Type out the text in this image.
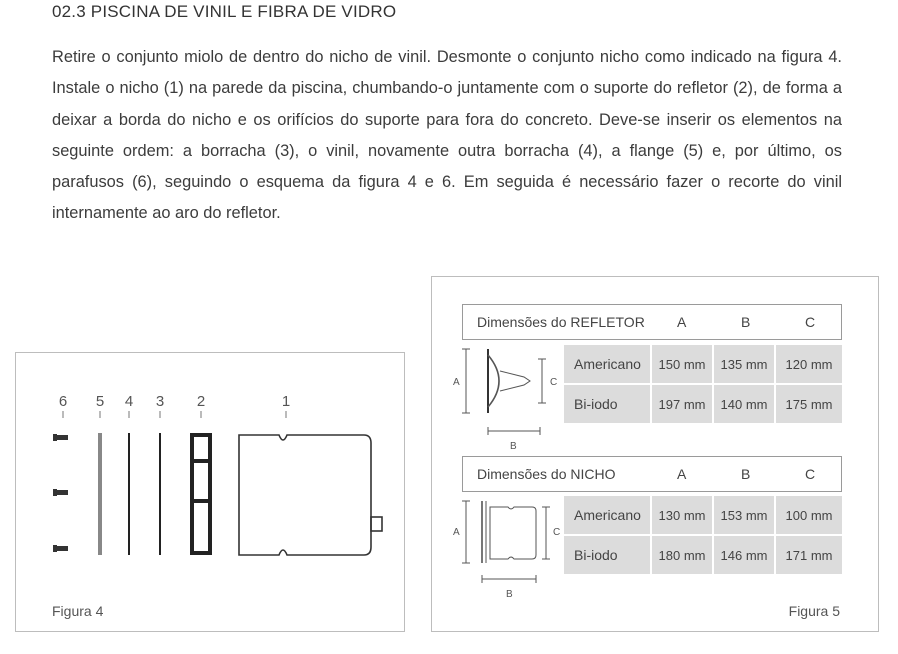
02.3 PISCINA DE VINIL E FIBRA DE VIDRO

Retire o conjunto miolo de dentro do nicho de vinil. Desmonte o conjunto nicho como indicado na figura 4. Instale o nicho (1) na parede da piscina, chumbando-o juntamente com o suporte do refletor (2), de forma a deixar a borda do nicho e os orifícios do suporte para fora do concreto. Deve-se inserir os elementos na seguinte ordem: a borracha (3), o vinil, novamente outra borracha (4), a flange (5) e, por último, os parafusos (6), seguindo o esquema da figura 4 e 6. Em seguida é necessário fazer o recorte do vinil internamente ao aro do refletor.

6 5 4 3 2	1
Figura 4
Dimensões do REFLETOR A	B	C
Americano	150 mm	135 mm	120 mm
Bi-iodo	197 mm	140 mm	175 mm
A	C
B
Dimensões do NICHO	A	B	C
Americano	130 mm	153 mm	100 mm
Bi-iodo	180 mm	146 mm	171 mm
A	C
B
Figura 5
